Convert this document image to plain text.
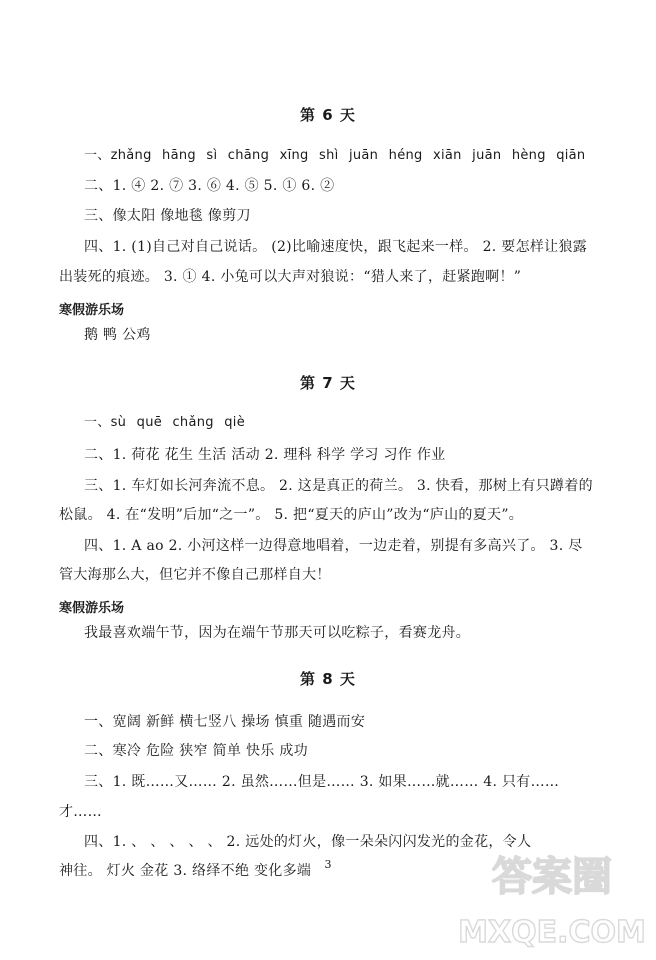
第 6 天
一、zhǎng hāng sì chāng xīng shì juān héng xiān juān hèng qiān
二、1. ④ 2. ⑦ 3. ⑥ 4. ⑤ 5. ① 6. ②
三、像太阳 像地毯 像剪刀
四、1. (1)自己对自己说话。 (2)比喻速度快，跟飞起来一样。 2. 要怎样让狼露
出装死的痕迹。 3. ① 4. 小兔可以大声对狼说：“猎人来了，赶紧跑啊！”
寒假游乐场
鹅 鸭 公鸡
第 7 天
一、sù quē chǎng qiè
二、1. 荷花 花生 生活 活动 2. 理科 科学 学习 习作 作业
三、1. 车灯如长河奔流不息。 2. 这是真正的荷兰。 3. 快看，那树上有只蹲着的
松鼠。 4. 在“发明”后加“之一”。 5. 把“夏天的庐山”改为“庐山的夏天”。
四、1. A ao 2. 小河这样一边得意地唱着，一边走着，别提有多高兴了。 3. 尽
管大海那么大，但它并不像自己那样自大！
寒假游乐场
我最喜欢端午节，因为在端午节那天可以吃粽子，看赛龙舟。
第 8 天
一、宽阔 新鲜 横七竖八 操场 慎重 随遇而安
二、寒冷 危险 狭窄 简单 快乐 成功
三、1. 既……又…… 2. 虽然……但是…… 3. 如果……就…… 4. 只有……
才……
四、1. 、 、 、 、 、 2. 远处的灯火，像一朵朵闪闪发光的金花，令人
神往。 灯火 金花 3. 络绎不绝 变化多端	3	答案圈
MXQE.COM
